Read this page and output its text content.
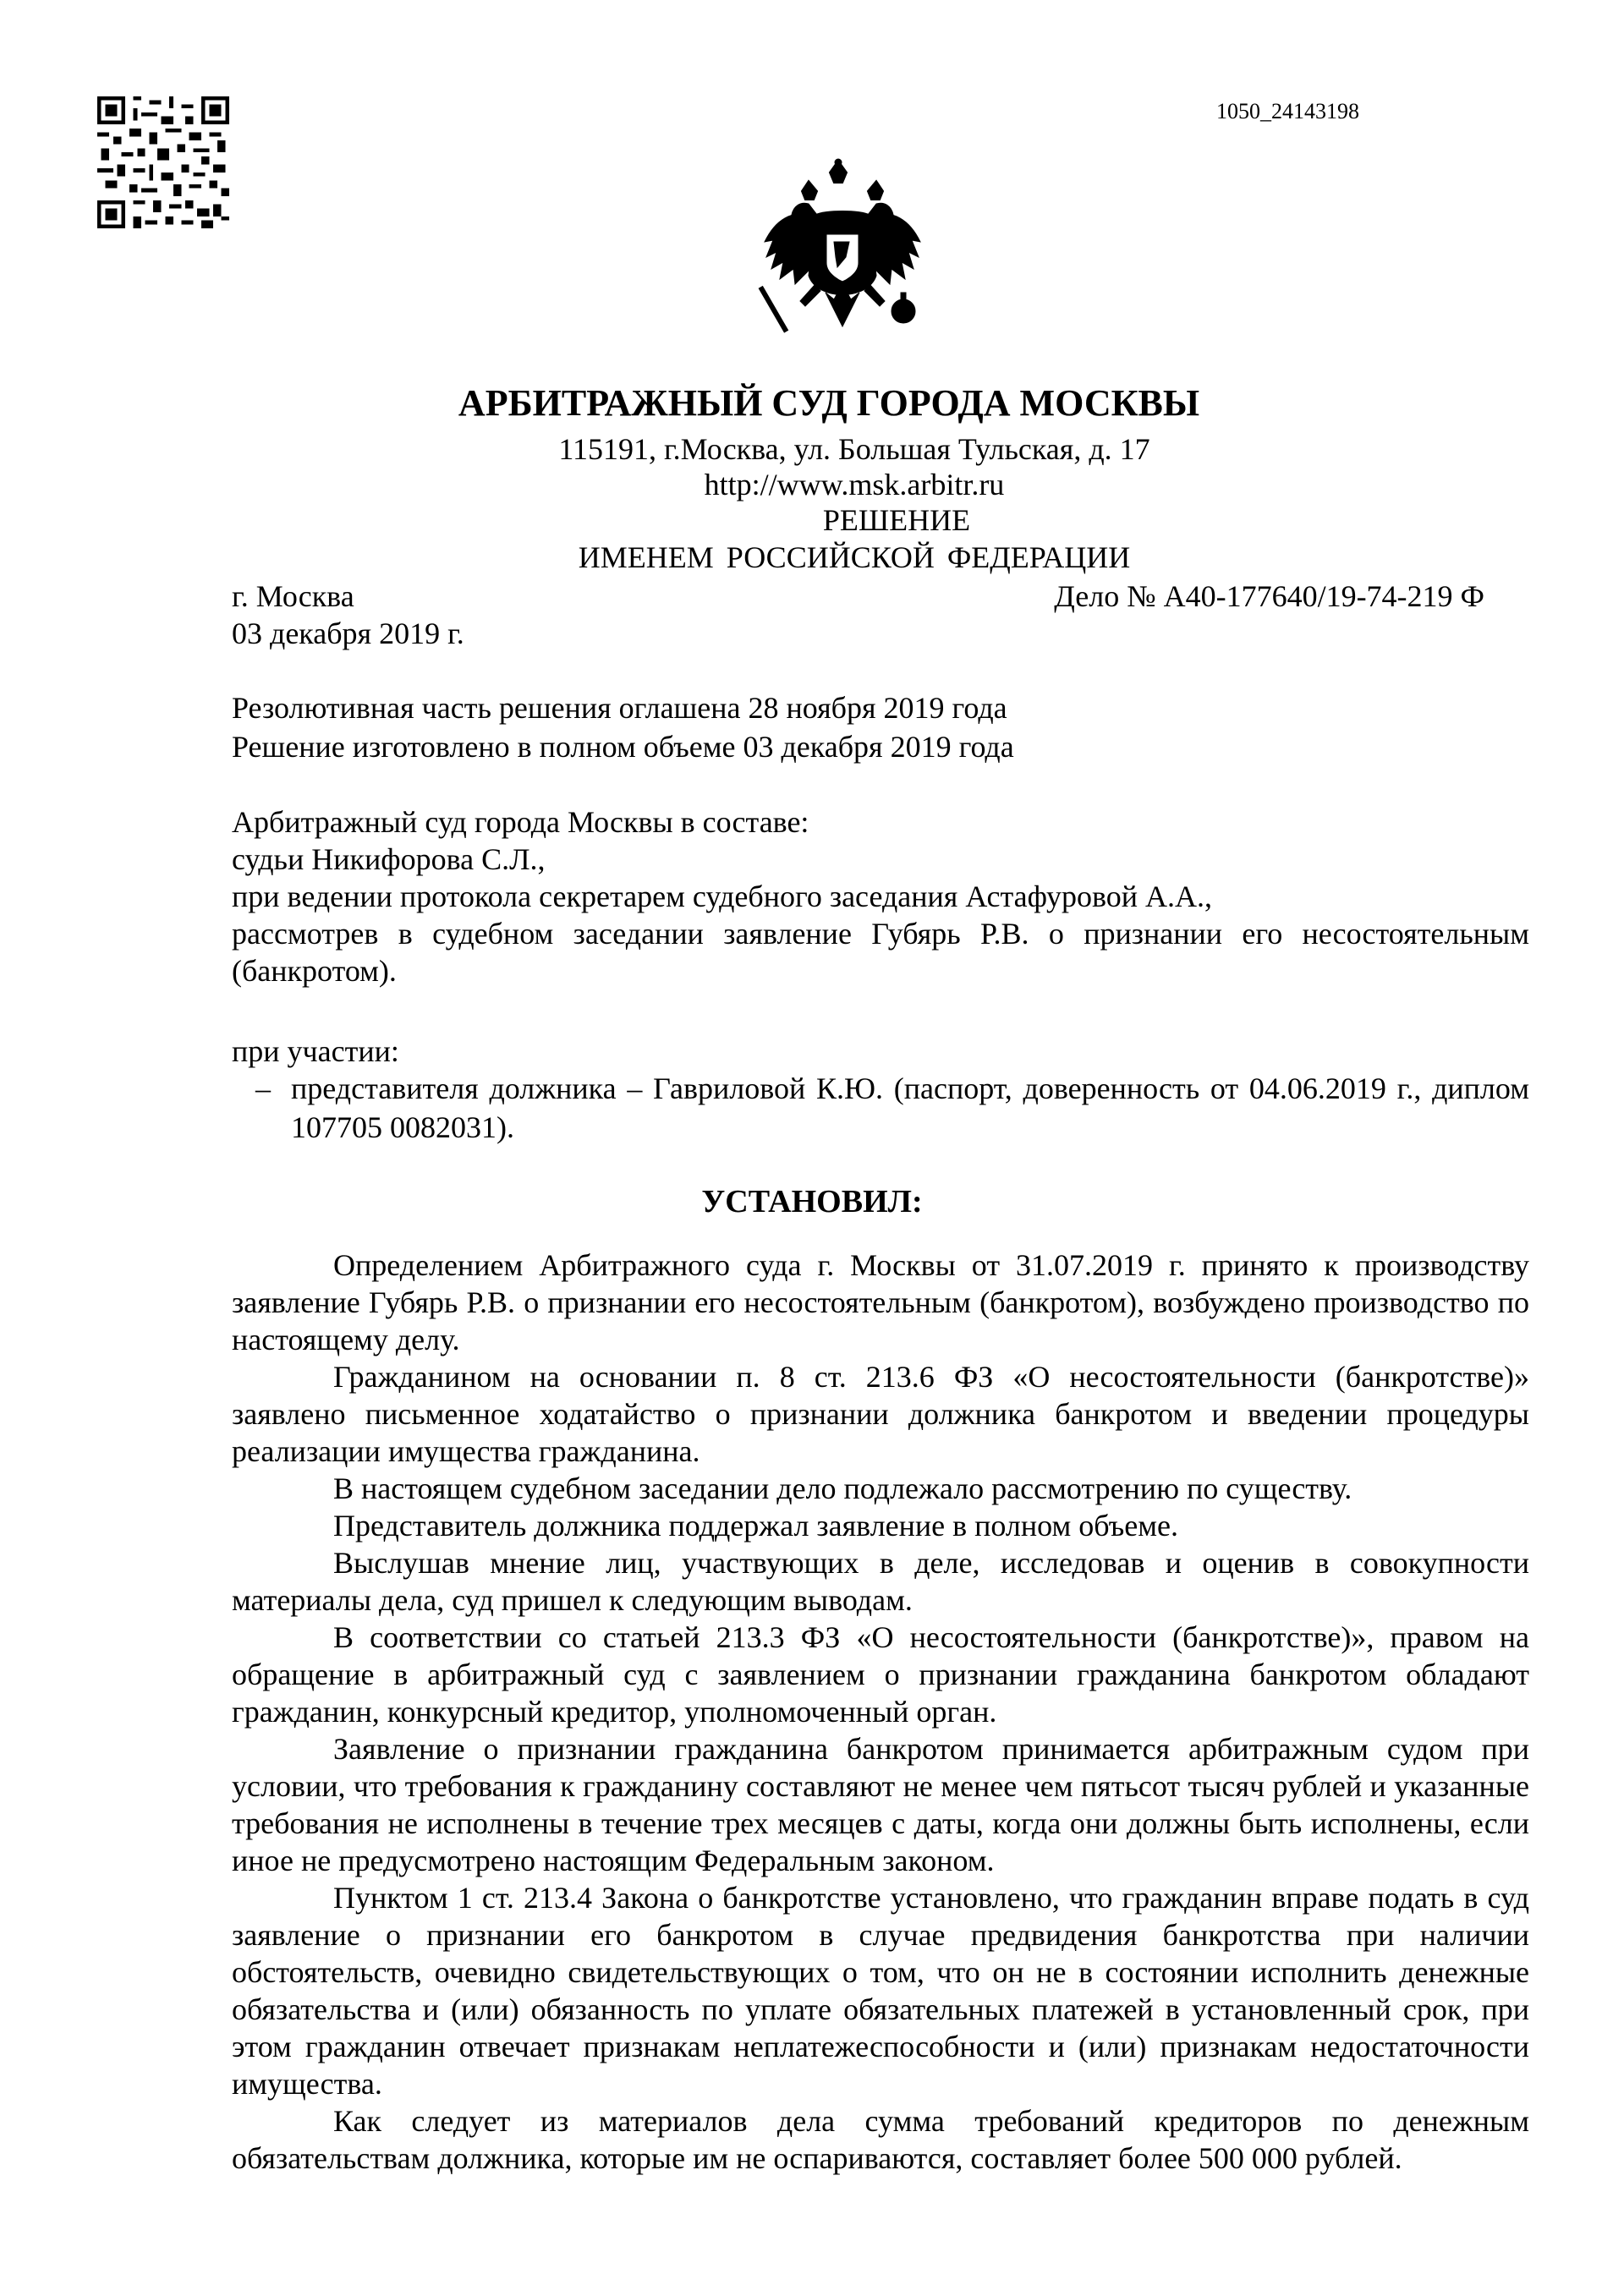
1050_24143198
АРБИТРАЖНЫЙ СУД ГОРОДА МОСКВЫ
115191, г.Москва, ул. Большая Тульская, д. 17
http://www.msk.arbitr.ru
РЕШЕНИЕ
ИМЕНЕМ РОССИЙСКОЙ ФЕДЕРАЦИИ
г. Москва	Дело № А40-177640/19-74-219 Ф
03 декабря 2019 г.
Резолютивная часть решения оглашена 28 ноября 2019 года
Решение изготовлено в полном объеме 03 декабря 2019 года

Арбитражный суд города Москвы в составе:

судьи Никифорова С.Л.,

при ведении протокола секретарем судебного заседания Астафуровой А.А.,

рассмотрев в судебном заседании заявление Губярь Р.В. о признании его несостоятельным (банкротом).

при участии:
– представителя должника – Гавриловой К.Ю. (паспорт, доверенность от 04.06.2019 г., диплом 107705 0082031).

УСТАНОВИЛ:

Определением Арбитражного суда г. Москвы от 31.07.2019 г. принято к производству заявление Губярь Р.В. о признании его несостоятельным (банкротом), возбуждено производство по настоящему делу.

Гражданином на основании п. 8 ст. 213.6 ФЗ «О несостоятельности (банкротстве)» заявлено письменное ходатайство о признании должника банкротом и введении процедуры реализации имущества гражданина.

В настоящем судебном заседании дело подлежало рассмотрению по существу.

Представитель должника поддержал заявление в полном объеме.

Выслушав мнение лиц, участвующих в деле, исследовав и оценив в совокупности материалы дела, суд пришел к следующим выводам.

В соответствии со статьей 213.3 ФЗ «О несостоятельности (банкротстве)», правом на обращение в арбитражный суд с заявлением о признании гражданина банкротом обладают гражданин, конкурсный кредитор, уполномоченный орган.

Заявление о признании гражданина банкротом принимается арбитражным судом при условии, что требования к гражданину составляют не менее чем пятьсот тысяч рублей и указанные требования не исполнены в течение трех месяцев с даты, когда они должны быть исполнены, если иное не предусмотрено настоящим Федеральным законом.

Пунктом 1 ст. 213.4 Закона о банкротстве установлено, что гражданин вправе подать в суд заявление о признании его банкротом в случае предвидения банкротства при наличии обстоятельств, очевидно свидетельствующих о том, что он не в состоянии исполнить денежные обязательства и (или) обязанность по уплате обязательных платежей в установленный срок, при этом гражданин отвечает признакам неплатежеспособности и (или) признакам недостаточности имущества.

Как следует из материалов дела сумма требований кредиторов по денежным обязательствам должника, которые им не оспариваются, составляет более 500 000 рублей.
